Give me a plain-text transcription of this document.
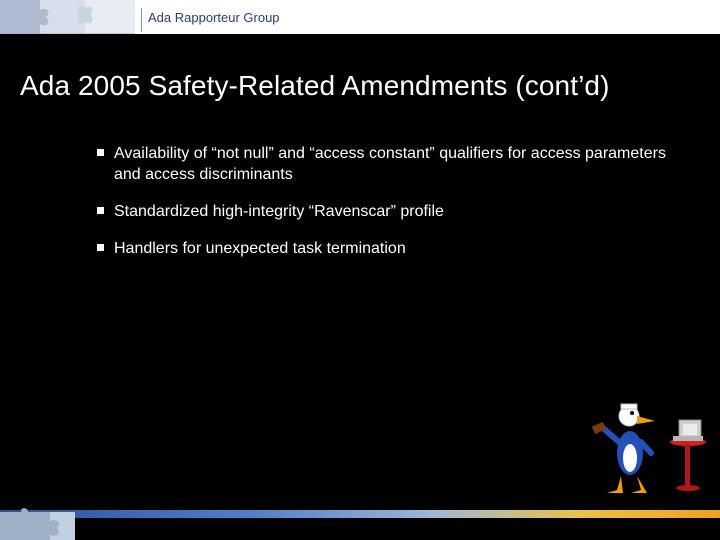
Ada Rapporteur Group
Ada 2005 Safety-Related Amendments (cont’d)
Availability of “not null” and “access constant” qualifiers for access parameters and access discriminants
Standardized high-integrity “Ravenscar” profile
Handlers for unexpected task termination
